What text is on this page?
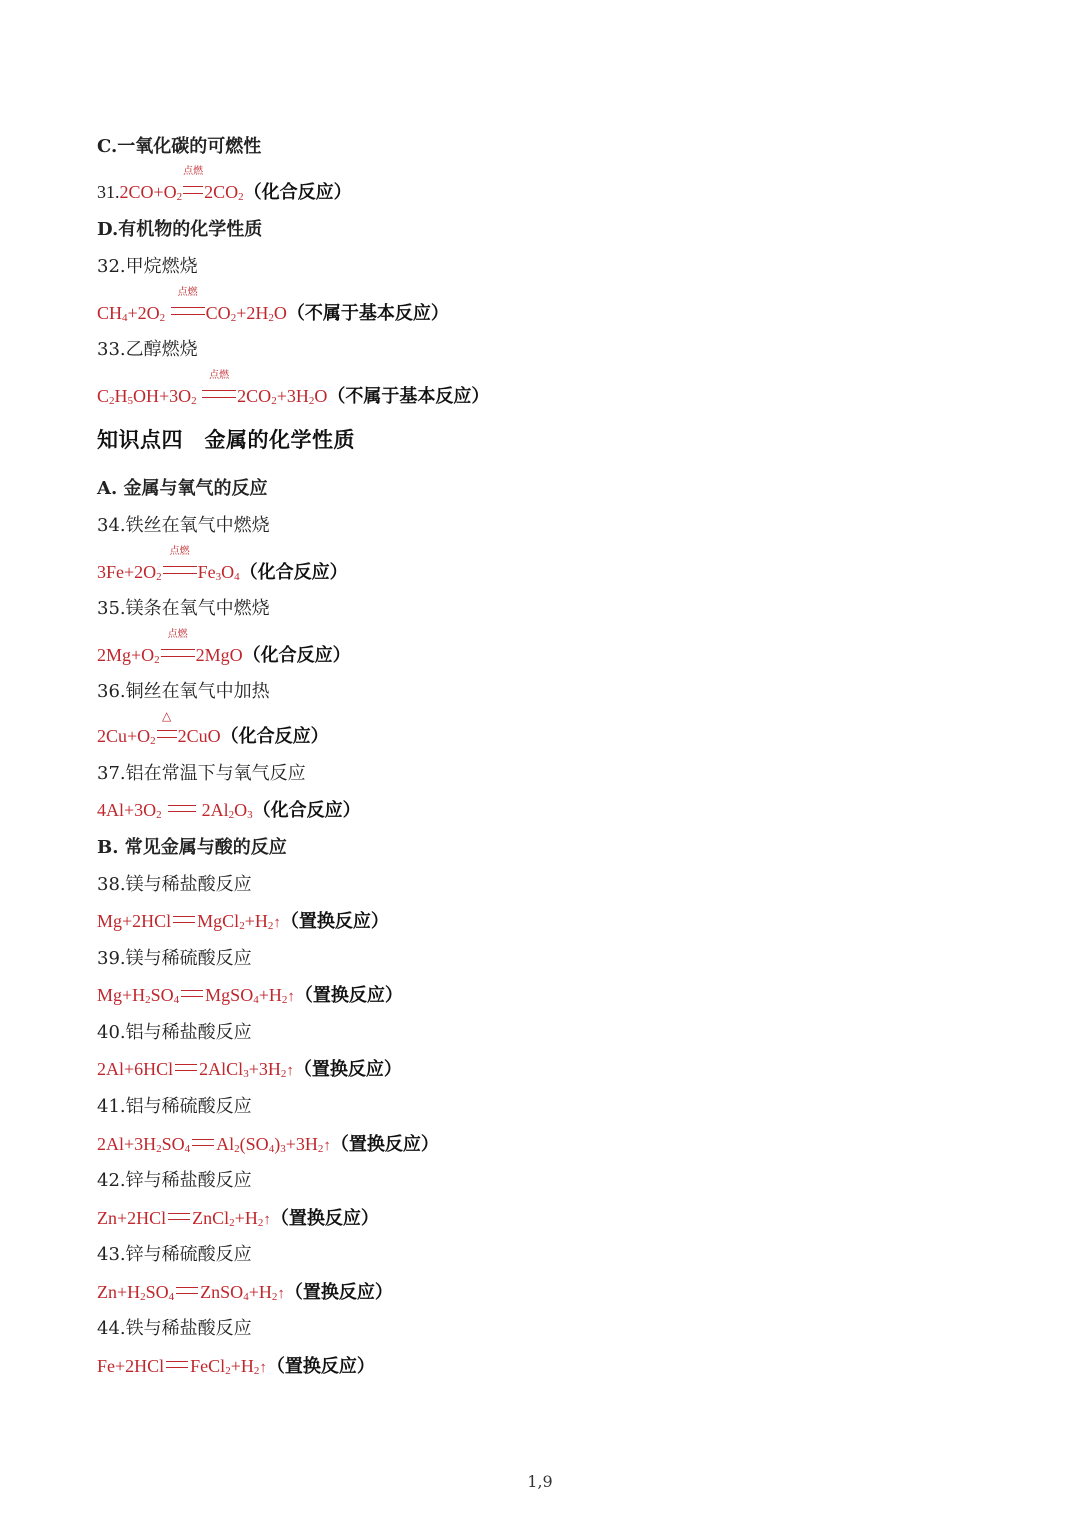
C.一氧化碳的可燃性
$31.2CO+O_2$
点燃
$2CO_2$（化合反应）
D.有机物的化学性质
32.甲烷燃烧
$CH_4+2O_2$
点燃
$CO_2+2H_2O$（不属于基本反应）
33.乙醇燃烧
$C_2H_5OH+3O_2$
点燃
$2CO_2+3H_2O$（不属于基本反应）
知识点四　金属的化学性质
A. 金属与氧气的反应
34.铁丝在氧气中燃烧
$3Fe+2O_2$
点燃
$Fe_3O_4$（化合反应）
35.镁条在氧气中燃烧
$2Mg+O_2$
点燃
2MgO（化合反应）
36.铜丝在氧气中加热
$2Cu+O_2$
△
2CuO（化合反应）
37.铝在常温下与氧气反应
$4Al+3O_2$ $2Al_2O_3$（化合反应）
B. 常见金属与酸的反应
38.镁与稀盐酸反应
Mg+2HCl $MgCl_2+H_2↑$（置换反应）
39.镁与稀硫酸反应
$Mg+H_2SO_4$ $MgSO_4+H_2↑$（置换反应）
40.铝与稀盐酸反应
2Al+6HCl $2AlCl_3+3H_2↑$（置换反应）
41.铝与稀硫酸反应
$2Al+3H_2SO_4$ $Al_2(SO_4)_3+3H_2↑$（置换反应）
42.锌与稀盐酸反应
Zn+2HCl $ZnCl_2+H_2↑$（置换反应）
43.锌与稀硫酸反应
$Zn+H_2SO_4$ $ZnSO_4+H_2↑$（置换反应）
44.铁与稀盐酸反应
Fe+2HCl $FeCl_2+H_2↑$（置换反应）
1,9
